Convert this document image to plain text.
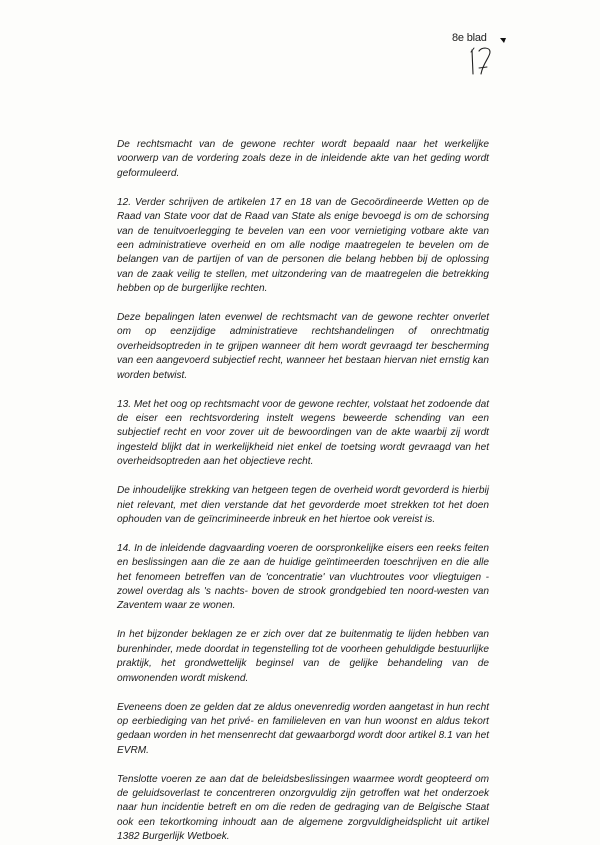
8e blad

De rechtsmacht van de gewone rechter wordt bepaald naar het werkelijke voorwerp van de vordering zoals deze in de inleidende akte van het geding wordt geformuleerd.

12. Verder schrijven de artikelen 17 en 18 van de Gecoördineerde Wetten op de Raad van State voor dat de Raad van State als enige bevoegd is om de schorsing van de tenuitvoerlegging te bevelen van een voor vernietiging votbare akte van een administratieve overheid en om alle nodige maatregelen te bevelen om de belangen van de partijen of van de personen die belang hebben bij de oplossing van de zaak veilig te stellen, met uitzondering van de maatregelen die betrekking hebben op de burgerlijke rechten.

Deze bepalingen laten evenwel de rechtsmacht van de gewone rechter onverlet om op eenzijdige administratieve rechtshandelingen of onrechtmatig overheidsoptreden in te grijpen wanneer dit hem wordt gevraagd ter bescherming van een aangevoerd subjectief recht, wanneer het bestaan hiervan niet ernstig kan worden betwist.

13. Met het oog op rechtsmacht voor de gewone rechter, volstaat het zodoende dat de eiser een rechtsvordering instelt wegens beweerde schending van een subjectief recht en voor zover uit de bewoordingen van de akte waarbij zij wordt ingesteld blijkt dat in werkelijkheid niet enkel de toetsing wordt gevraagd van het overheidsoptreden aan het objectieve recht.

De inhoudelijke strekking van hetgeen tegen de overheid wordt gevorderd is hierbij niet relevant, met dien verstande dat het gevorderde moet strekken tot het doen ophouden van de geïncrimineerde inbreuk en het hiertoe ook vereist is.

14. In de inleidende dagvaarding voeren de oorspronkelijke eisers een reeks feiten en beslissingen aan die ze aan de huidige geïntimeerden toeschrijven en die alle het fenomeen betreffen van de 'concentratie' van vluchtroutes voor vliegtuigen -zowel overdag als 's nachts- boven de strook grondgebied ten noord-westen van Zaventem waar ze wonen.

In het bijzonder beklagen ze er zich over dat ze buitenmatig te lijden hebben van burenhinder, mede doordat in tegenstelling tot de voorheen gehuldigde bestuurlijke praktijk, het grondwettelijk beginsel van de gelijke behandeling van de omwonenden wordt miskend.

Eveneens doen ze gelden dat ze aldus onevenredig worden aangetast in hun recht op eerbiediging van het privé- en familieleven en van hun woonst en aldus tekort gedaan worden in het mensenrecht dat gewaarborgd wordt door artikel 8.1 van het EVRM.

Tenslotte voeren ze aan dat de beleidsbeslissingen waarmee wordt geopteerd om de geluidsoverlast te concentreren onzorgvuldig zijn getroffen wat het onderzoek naar hun incidentie betreft en om die reden de gedraging van de Belgische Staat ook een tekortkoming inhoudt aan de algemene zorgvuldigheidsplicht uit artikel 1382 Burgerlijk Wetboek.
